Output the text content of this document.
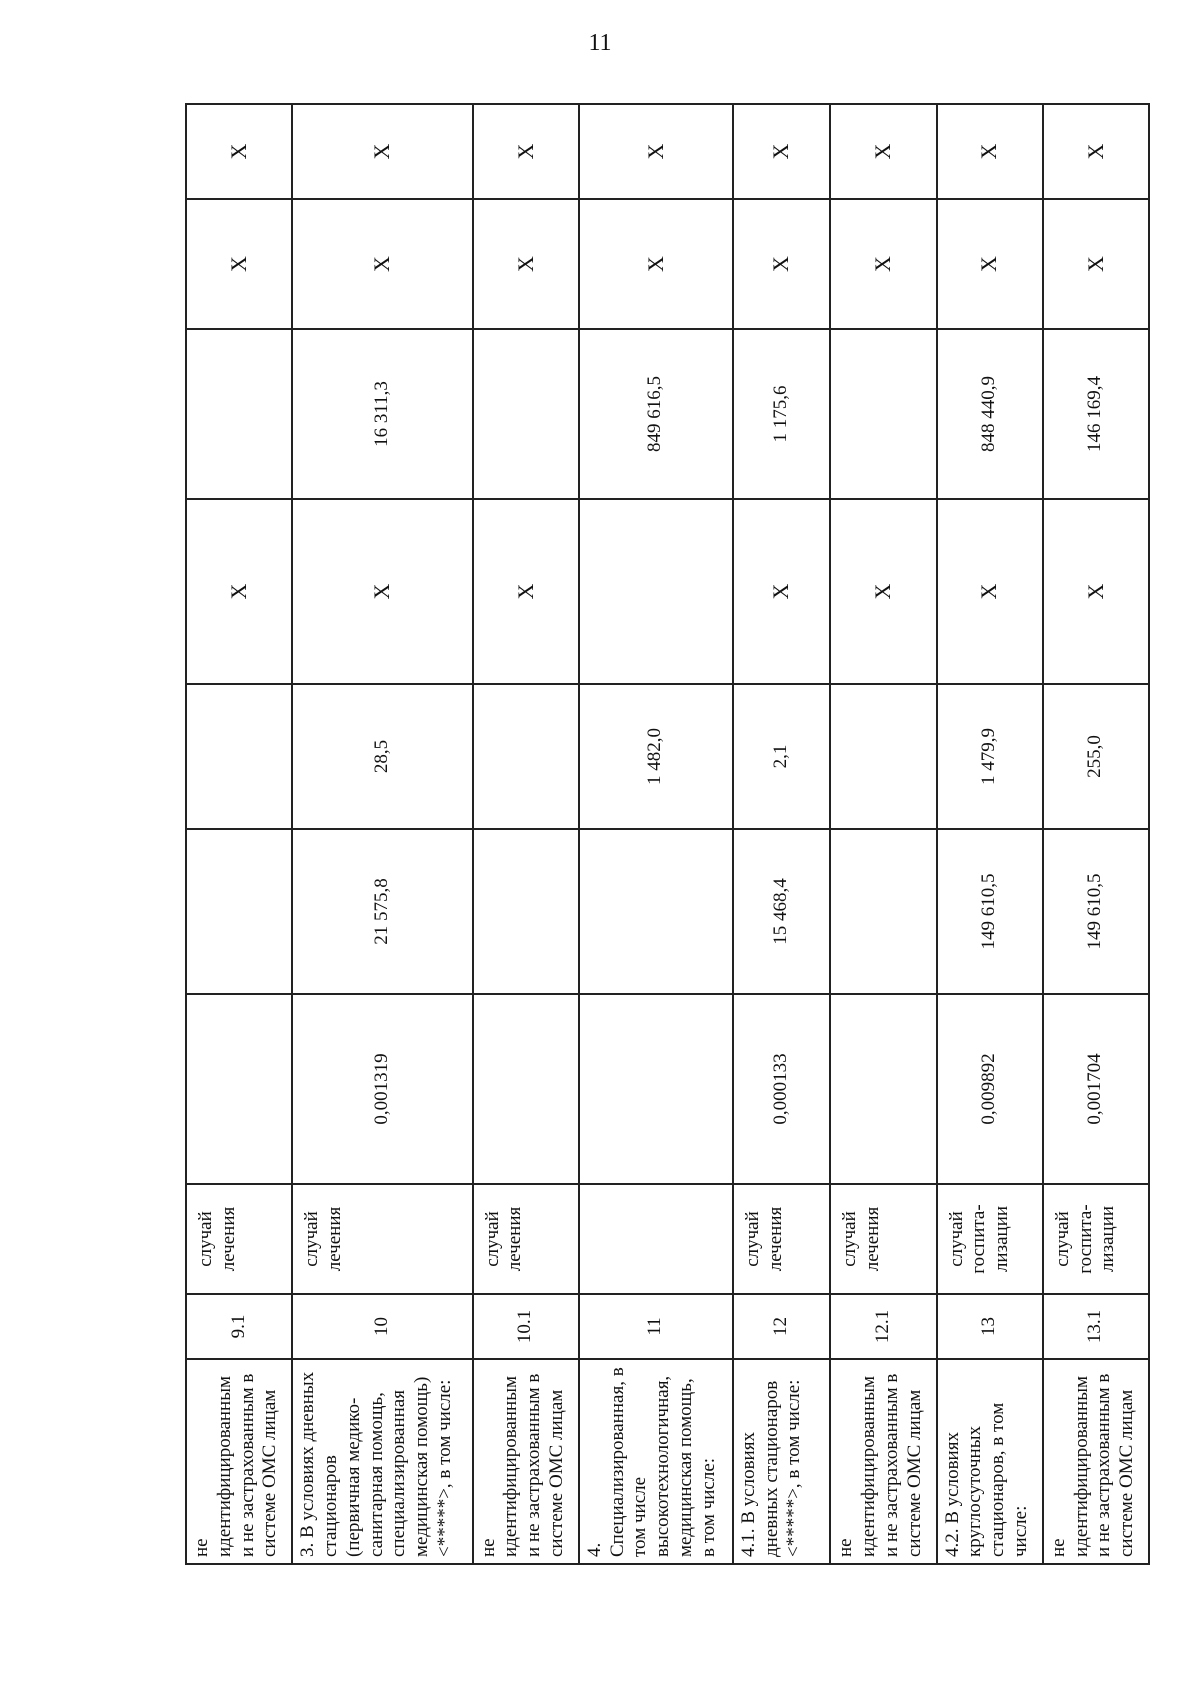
11
не идентифицированным и не застрахованным в системе ОМС лицам	9.1	случай лечения				X		X	X
3. В условиях дневных стационаров (первичная медико-санитарная помощь, специализированная медицинская помощь) <*****>, в том числе:	10	случай лечения	0,001319	21 575,8	28,5	X	16 311,3	X	X
не идентифицированным и не застрахованным в системе ОМС лицам	10.1	случай лечения				X		X	X
4. Специализированная, в том числе высокотехнологичная, медицинская помощь, в том числе:	11				1 482,0		849 616,5	X	X
4.1. В условиях дневных стационаров <*****>, в том числе:	12	случай лечения	0,000133	15 468,4	2,1	X	1 175,6	X	X
не идентифицированным и не застрахованным в системе ОМС лицам	12.1	случай лечения				X		X	X
4.2. В условиях круглосуточных стационаров, в том числе:	13	случай госпита-лизации	0,009892	149 610,5	1 479,9	X	848 440,9	X	X
не идентифицированным и не застрахованным в системе ОМС лицам	13.1	случай госпита-лизации	0,001704	149 610,5	255,0	X	146 169,4	X	X
